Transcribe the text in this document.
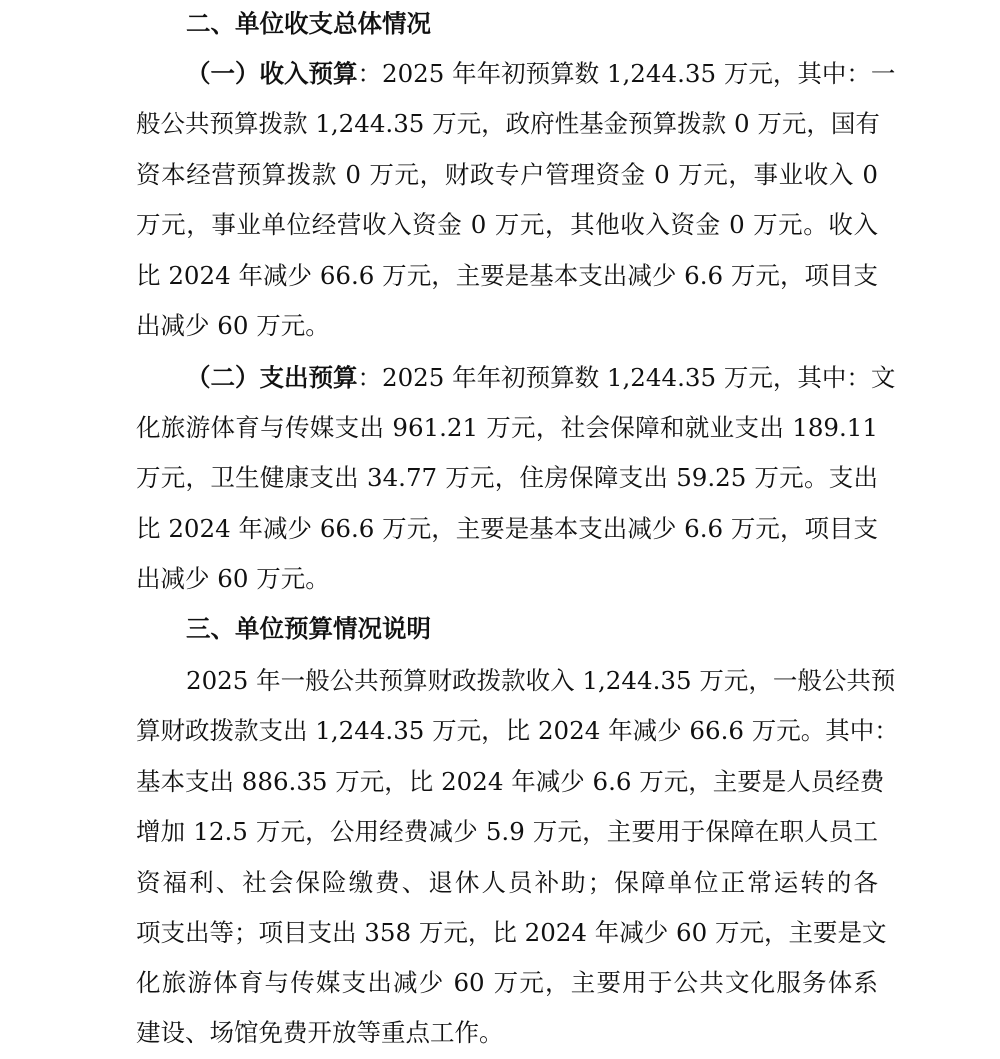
二、单位收支总体情况
（一）收入预算：2025 年年初预算数 1,244.35 万元，其中：一
般公共预算拨款 1,244.35 万元，政府性基金预算拨款 0 万元，国有
资本经营预算拨款 0 万元，财政专户管理资金 0 万元，事业收入 0
万元，事业单位经营收入资金 0 万元，其他收入资金 0 万元。收入
比 2024 年减少 66.6 万元，主要是基本支出减少 6.6 万元，项目支
出减少 60 万元。
（二）支出预算：2025 年年初预算数 1,244.35 万元，其中：文
化旅游体育与传媒支出 961.21 万元，社会保障和就业支出 189.11
万元，卫生健康支出 34.77 万元，住房保障支出 59.25 万元。支出
比 2024 年减少 66.6 万元，主要是基本支出减少 6.6 万元，项目支
出减少 60 万元。
三、单位预算情况说明
2025 年一般公共预算财政拨款收入 1,244.35 万元，一般公共预
算财政拨款支出 1,244.35 万元，比 2024 年减少 66.6 万元。其中：
基本支出 886.35 万元，比 2024 年减少 6.6 万元，主要是人员经费
增加 12.5 万元，公用经费减少 5.9 万元，主要用于保障在职人员工
资福利、社会保险缴费、退休人员补助；保障单位正常运转的各
项支出等；项目支出 358 万元，比 2024 年减少 60 万元，主要是文
化旅游体育与传媒支出减少 60 万元，主要用于公共文化服务体系
建设、场馆免费开放等重点工作。
